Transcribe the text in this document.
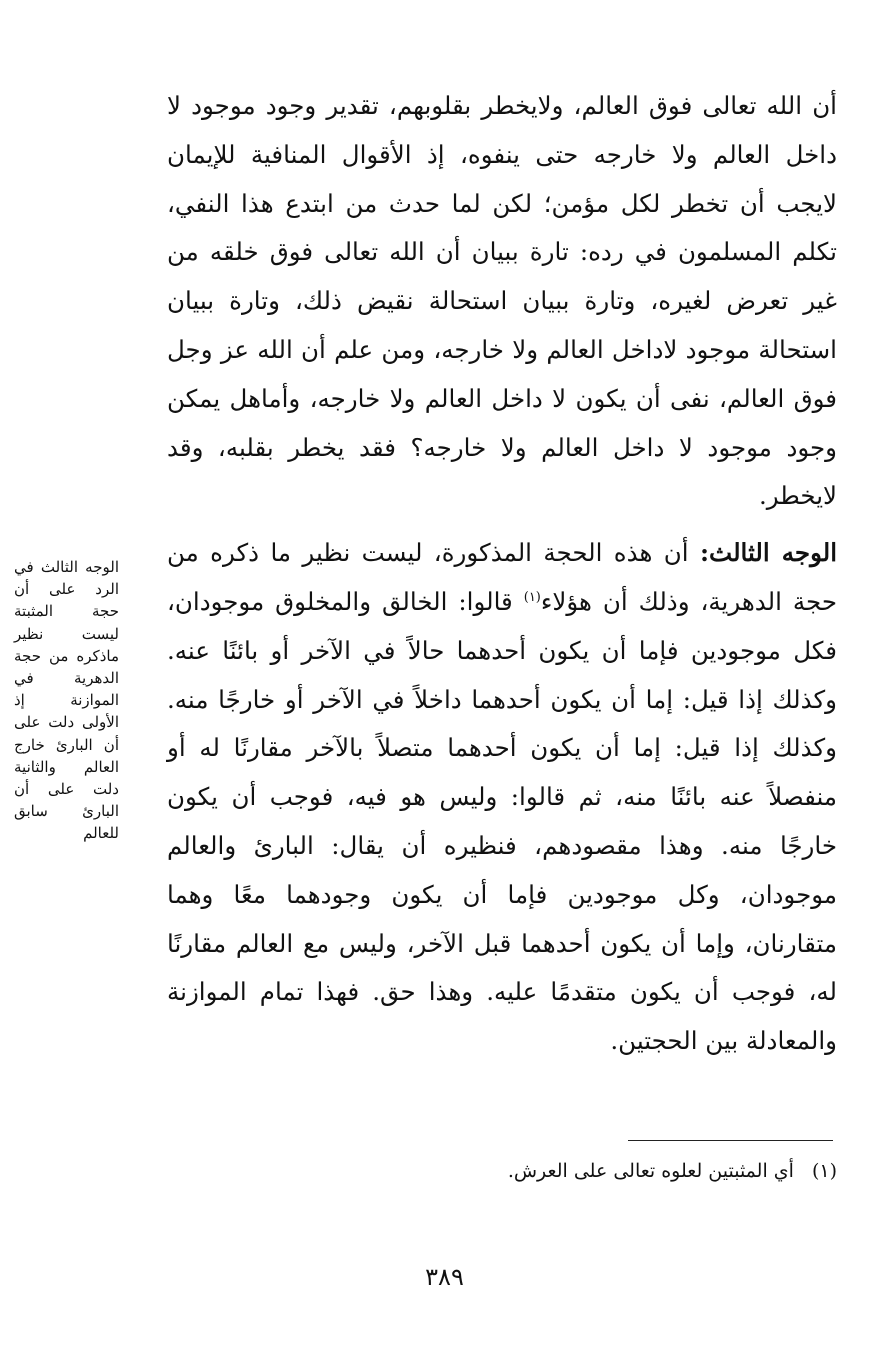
أن الله تعالى فوق العالم، ولايخطر بقلوبهم، تقدير وجود موجود لا داخل العالم ولا خارجه حتى ينفوه، إذ الأقوال المنافية للإيمان لايجب أن تخطر لكل مؤمن؛ لكن لما حدث من ابتدع هذا النفي، تكلم المسلمون في رده: تارة ببيان أن الله تعالى فوق خلقه من غير تعرض لغيره، وتارة ببيان استحالة نقيض ذلك، وتارة ببيان استحالة موجود لاداخل العالم ولا خارجه، ومن علم أن الله عز وجل فوق العالم، نفى أن يكون لا داخل العالم ولا خارجه، وأماهل يمكن وجود موجود لا داخل العالم ولا خارجه؟ فقد يخطر بقلبه، وقد لايخطر.

الوجه الثالث: أن هذه الحجة المذكورة، ليست نظير ما ذكره من حجة الدهرية، وذلك أن هؤلاء$^{(١)}$ قالوا: الخالق والمخلوق موجودان، فكل موجودين فإما أن يكون أحدهما حالاً في الآخر أو بائنًا عنه. وكذلك إذا قيل: إما أن يكون أحدهما داخلاً في الآخر أو خارجًا منه. وكذلك إذا قيل: إما أن يكون أحدهما متصلاً بالآخر مقارنًا له أو منفصلاً عنه بائنًا منه، ثم قالوا: وليس هو فيه، فوجب أن يكون خارجًا منه. وهذا مقصودهم، فنظيره أن يقال: البارئ والعالم موجودان، وكل موجودين فإما أن يكون وجودهما معًا وهما متقارنان، وإما أن يكون أحدهما قبل الآخر، وليس مع العالم مقارنًا له، فوجب أن يكون متقدمًا عليه. وهذا حق. فهذا تمام الموازنة والمعادلة بين الحجتين.

الوجه الثالث في الرد على أن حجة المثبتة ليست نظير ماذكره من حجة الدهرية في الموازنة إذ الأولى دلت على أن البارئ خارج العالم والثانية دلت على أن البارئ سابق للعالم
(١)أي المثبتين لعلوه تعالى على العرش.
٣٨٩
